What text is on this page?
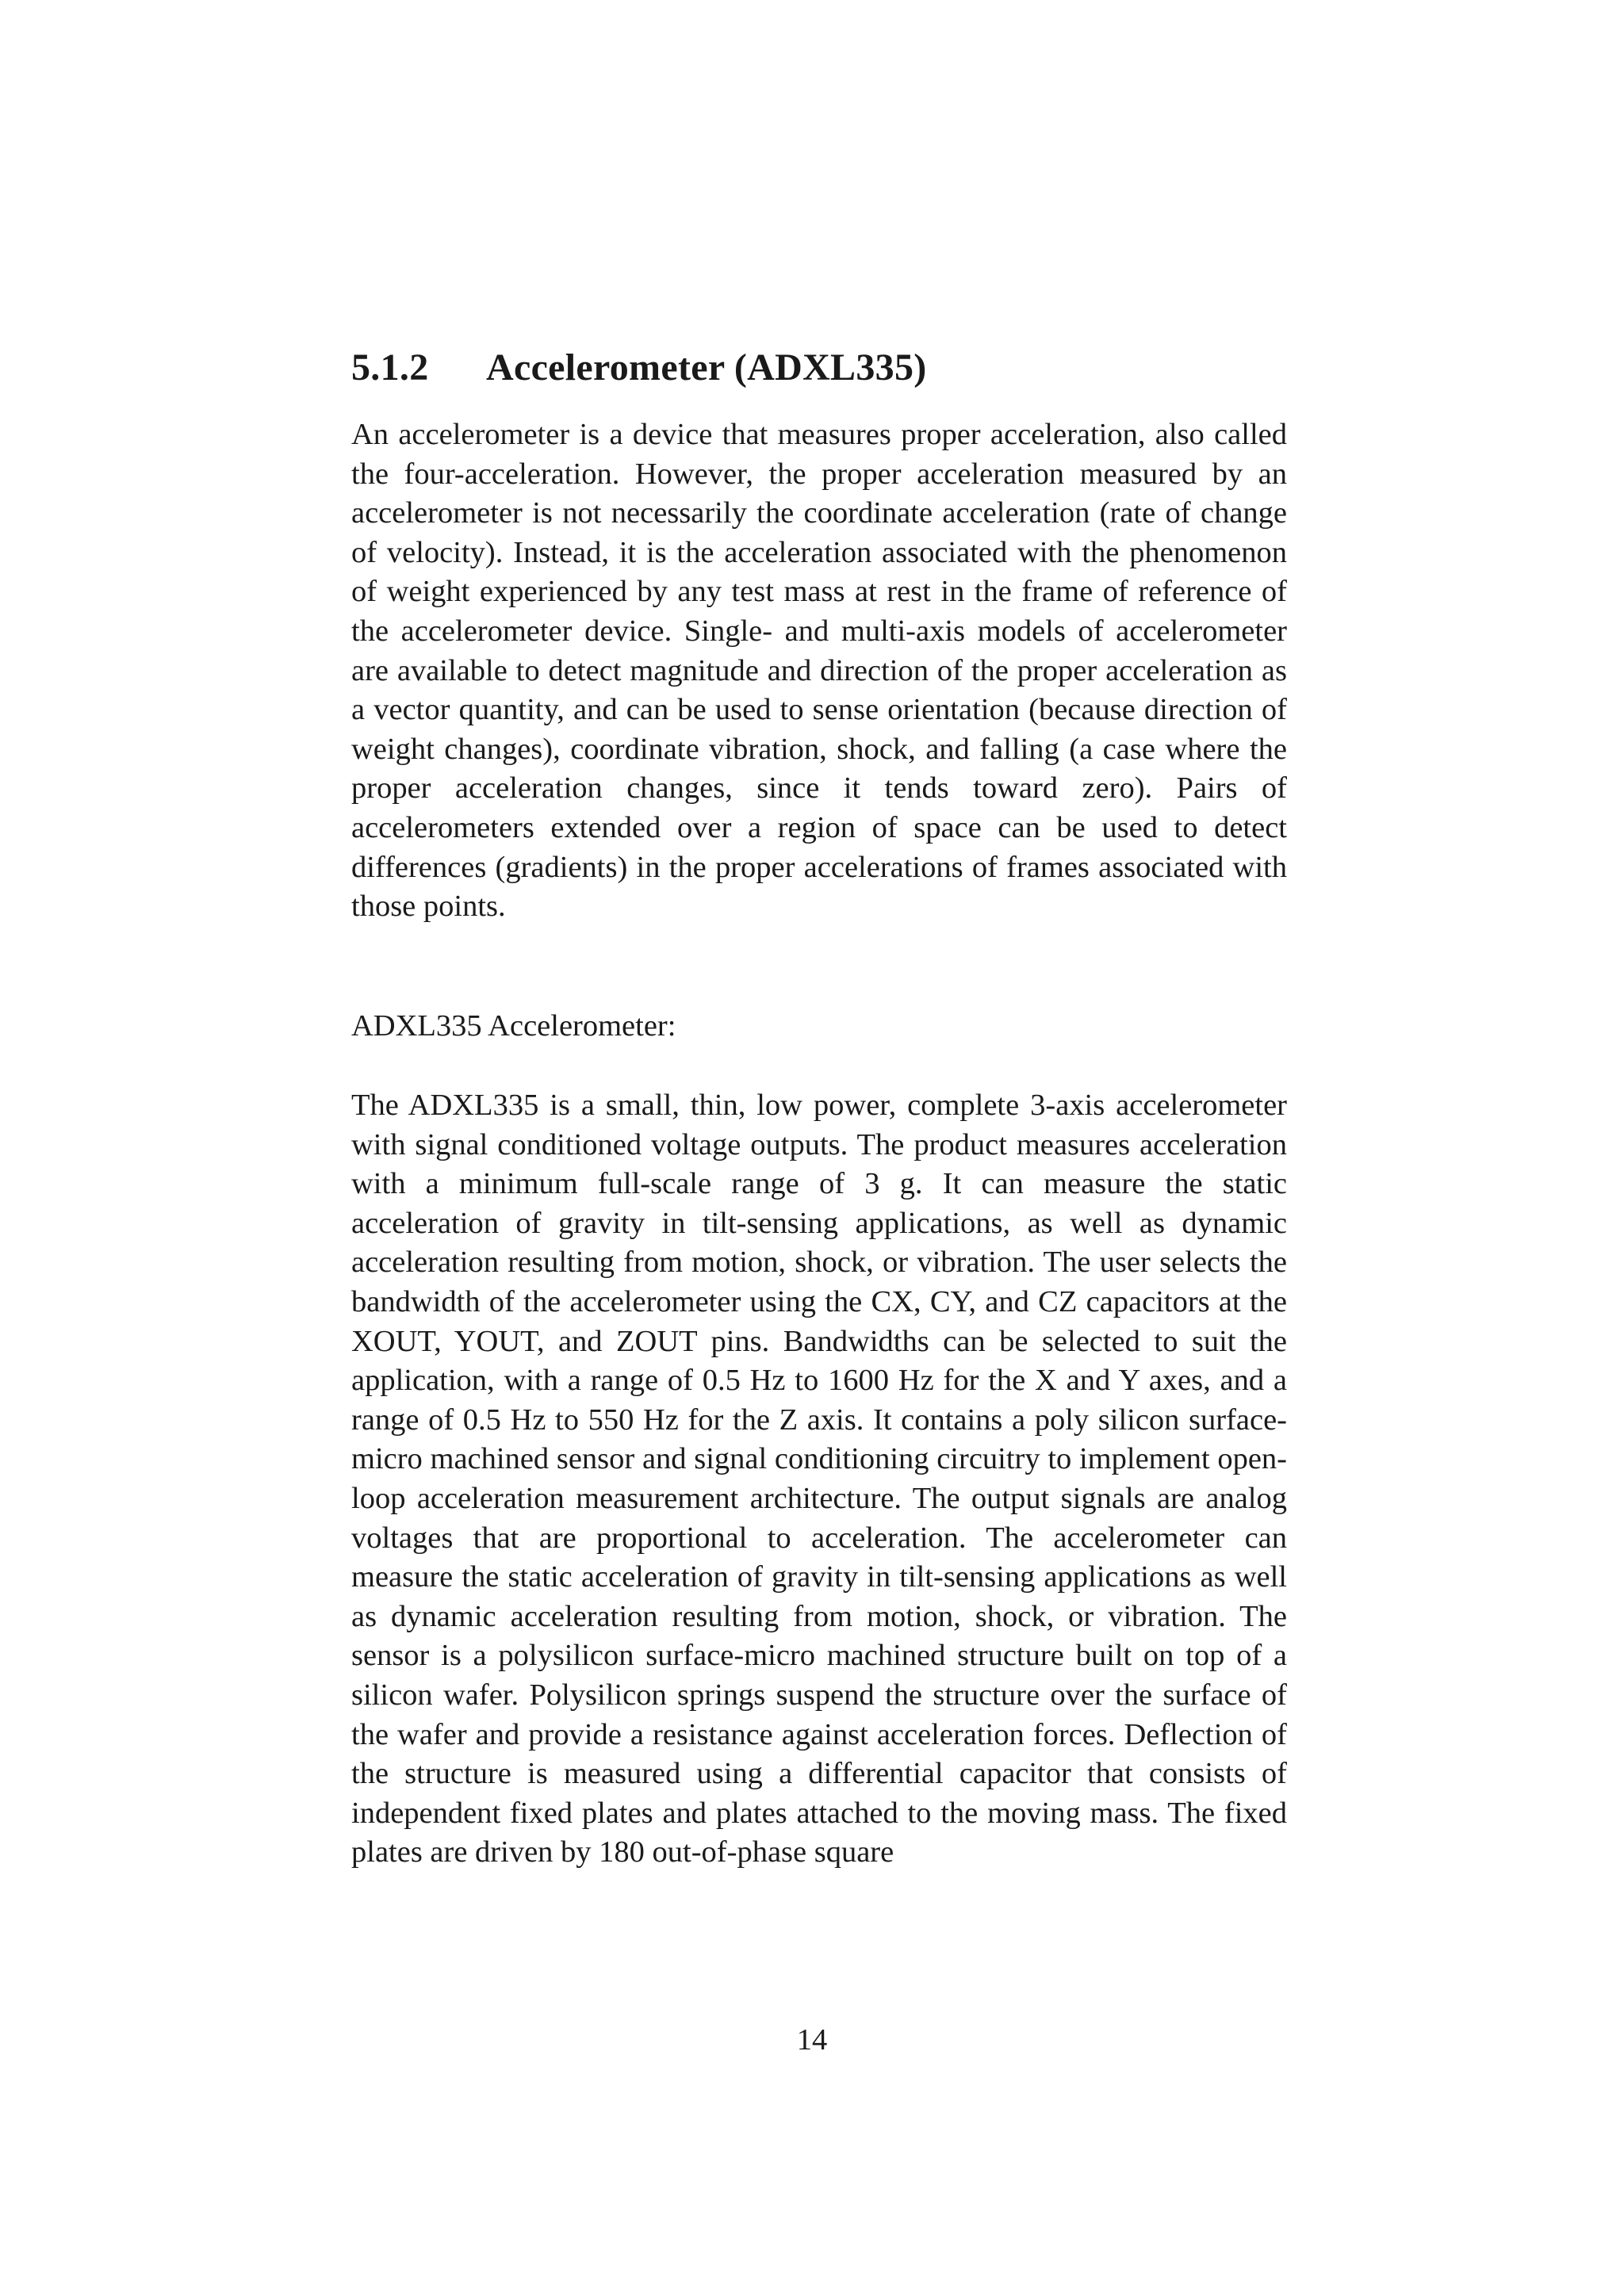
5.1.2 Accelerometer (ADXL335)

An accelerometer is a device that measures proper acceleration, also called the four-acceleration. However, the proper acceleration measured by an accelerometer is not necessarily the coordinate acceleration (rate of change of velocity). Instead, it is the acceleration associated with the phenomenon of weight experienced by any test mass at rest in the frame of reference of the accelerometer device. Single- and multi-axis models of accelerometer are available to detect magnitude and direction of the proper acceleration as a vector quantity, and can be used to sense orientation (because direction of weight changes), coordinate vibration, shock, and falling (a case where the proper acceleration changes, since it tends toward zero). Pairs of accelerometers extended over a region of space can be used to detect differences (gradients) in the proper accelerations of frames associated with those points.

ADXL335 Accelerometer:

The ADXL335 is a small, thin, low power, complete 3-axis accelerometer with signal conditioned voltage outputs. The product measures acceleration with a minimum full-scale range of 3 g. It can measure the static acceleration of gravity in tilt-sensing applications, as well as dynamic acceleration resulting from motion, shock, or vibration. The user selects the bandwidth of the accelerometer using the CX, CY, and CZ capacitors at the XOUT, YOUT, and ZOUT pins. Bandwidths can be selected to suit the application, with a range of 0.5 Hz to 1600 Hz for the X and Y axes, and a range of 0.5 Hz to 550 Hz for the Z axis. It contains a poly silicon surface-micro machined sensor and signal conditioning circuitry to implement open-loop acceleration measurement architecture. The output signals are analog voltages that are proportional to acceleration. The accelerometer can measure the static acceleration of gravity in tilt-sensing applications as well as dynamic acceleration resulting from motion, shock, or vibration. The sensor is a polysilicon surface-micro machined structure built on top of a silicon wafer. Polysilicon springs suspend the structure over the surface of the wafer and provide a resistance against acceleration forces. Deflection of the structure is measured using a differential capacitor that consists of independent fixed plates and plates attached to the moving mass. The fixed plates are driven by 180 out-of-phase square

14
